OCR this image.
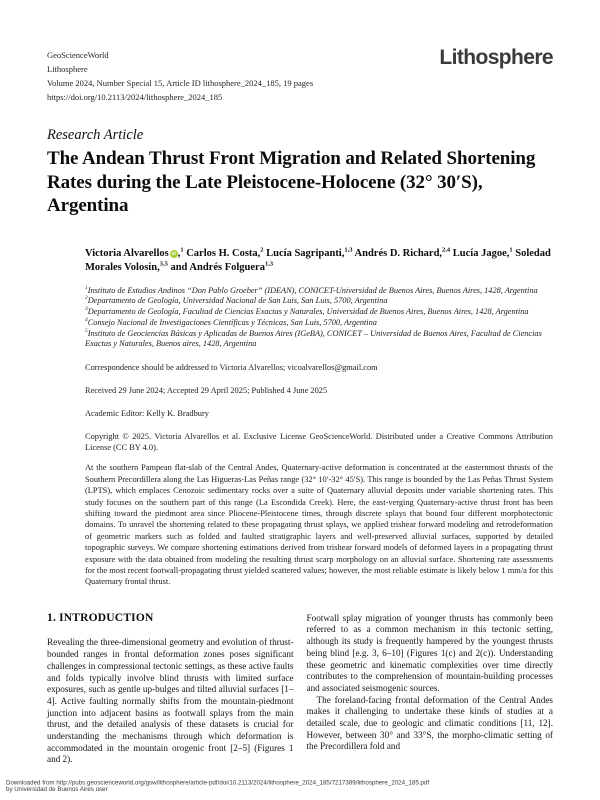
Lithosphere
GeoScienceWorld
Lithosphere
Volume 2024, Number Special 15, Article ID lithosphere_2024_185, 19 pages
https://doi.org/10.2113/2024/lithosphere_2024_185
Research Article
The Andean Thrust Front Migration and Related Shortening Rates during the Late Pleistocene-Holocene (32° 30′S), Argentina
Victoria Alvarellos iD ,$^1$ Carlos H. Costa,$^2$ Lucía Sagripanti,$^{1,3}$ Andrés D. Richard,$^{2,4}$ Lucía Jagoe,$^1$ Soledad Morales Volosín,$^{3,5}$ and Andrés Folguera$^{1,3}$
$^1$Instituto de Estudios Andinos “Don Pablo Groeber” (IDEAN), CONICET-Universidad de Buenos Aires, Buenos Aires, 1428, Argentina
$^2$Departamento de Geología, Universidad Nacional de San Luis, San Luis, 5700, Argentina
$^3$Departamento de Geología, Facultad de Ciencias Exactas y Naturales, Universidad de Buenos Aires, Buenos Aires, 1428, Argentina
$^4$Consejo Nacional de Investigaciones Científicas y Técnicas, San Luis, 5700, Argentina
$^5$Instituto de Geociencias Básicas y Aplicadas de Buenos Aires (IGeBA), CONICET – Universidad de Buenos Aires, Facultad de Ciencias Exactas y Naturales, Buenos aires, 1428, Argentina
Correspondence should be addressed to Victoria Alvarellos; vicoalvarellos@gmail.com
Received 29 June 2024; Accepted 29 April 2025; Published 4 June 2025
Academic Editor: Kelly K. Bradbury
Copyright © 2025. Victoria Alvarellos et al. Exclusive License GeoScienceWorld. Distributed under a Creative Commons Attribution License (CC BY 4.0).
At the southern Pampean flat-slab of the Central Andes, Quaternary-active deformation is concentrated at the easternmost thrusts of the Southern Precordillera along the Las Higueras-Las Peñas range (32° 10′-32° 45′S). This range is bounded by the Las Peñas Thrust System (LPTS), which emplaces Cenozoic sedimentary rocks over a suite of Quaternary alluvial deposits under variable shortening rates. This study focuses on the southern part of this range (La Escondida Creek). Here, the east-verging Quaternary-active thrust front has been shifting toward the piedmont area since Pliocene-Pleistocene times, through discrete splays that bound four different morphotectonic domains. To unravel the shortening related to these propagating thrust splays, we applied trishear forward modeling and retrodeformation of geometric markers such as folded and faulted stratigraphic layers and well-preserved alluvial surfaces, supported by detailed topographic surveys. We compare shortening estimations derived from trishear forward models of deformed layers in a propagating thrust exposure with the data obtained from modeling the resulting thrust scarp morphology on an alluvial surface. Shortening rate assessments for the most recent footwall-propagating thrust yielded scattered values; however, the most reliable estimate is likely below 1 mm/a for this Quaternary frontal thrust.
1. INTRODUCTION

Revealing the three-dimensional geometry and evolution of thrust-bounded ranges in frontal deformation zones poses significant challenges in compressional tectonic settings, as these active faults and folds typically involve blind thrusts with limited surface exposures, such as gentle up-bulges and tilted alluvial surfaces [1–4]. Active faulting normally shifts from the mountain-piedmont junction into adjacent basins as footwall splays from the main thrust, and the detailed analysis of these datasets is crucial for understanding the mechanisms through which deformation is accommodated in the mountain orogenic front [2–5] (Figures 1 and 2).

Footwall splay migration of younger thrusts has commonly been referred to as a common mechanism in this tectonic setting, although its study is frequently hampered by the youngest thrusts being blind [e.g. 3, 6–10] (Figures 1(c) and 2(c)). Understanding these geometric and kinematic complexities over time directly contributes to the comprehension of mountain-building processes and associated seismogenic sources.

The foreland-facing frontal deformation of the Central Andes makes it challenging to undertake these kinds of studies at a detailed scale, due to geologic and climatic conditions [11, 12]. However, between 30° and 33°S, the morpho-climatic setting of the Precordillera fold and

Downloaded from http://pubs.geoscienceworld.org/gsw/lithosphere/article-pdf/doi/10.2113/2024/lithosphere_2024_185/7217389/lithosphere_2024_185.pdf
by Universidad de Buenos Aires user
